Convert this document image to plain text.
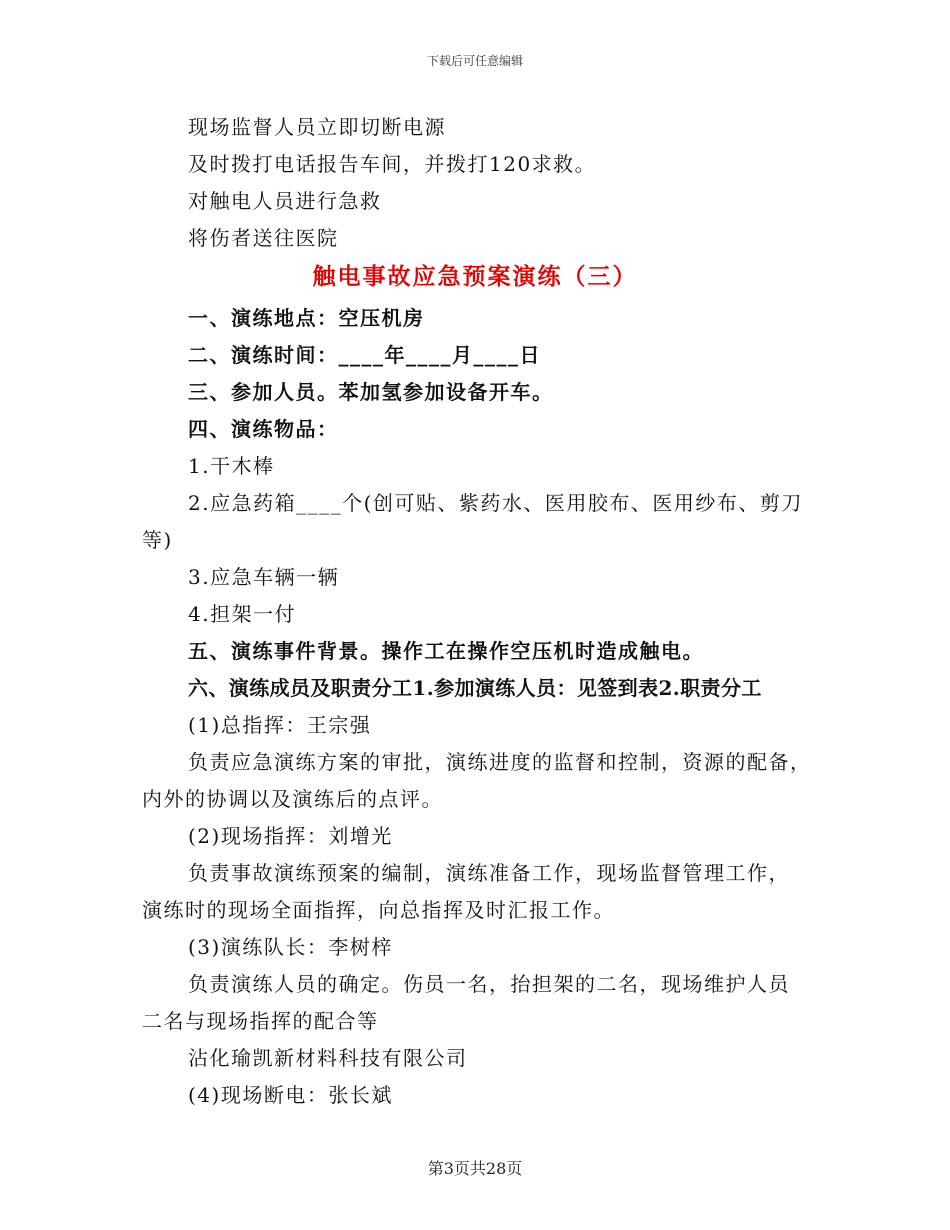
下载后可任意编辑
现场监督人员立即切断电源
及时拨打电话报告车间，并拨打120求救。
对触电人员进行急救
将伤者送往医院
触电事故应急预案演练（三）
一、演练地点：空压机房
二、演练时间：____年____月____日
三、参加人员。苯加氢参加设备开车。
四、演练物品：
1.干木棒
2.应急药箱____个(创可贴、紫药水、医用胶布、医用纱布、剪刀
等)
3.应急车辆一辆
4.担架一付
五、演练事件背景。操作工在操作空压机时造成触电。
六、演练成员及职责分工1.参加演练人员：见签到表2.职责分工
(1)总指挥：王宗强
负责应急演练方案的审批，演练进度的监督和控制，资源的配备，
内外的协调以及演练后的点评。
(2)现场指挥：刘增光
负责事故演练预案的编制，演练准备工作，现场监督管理工作，
演练时的现场全面指挥，向总指挥及时汇报工作。
(3)演练队长：李树梓
负责演练人员的确定。伤员一名，抬担架的二名，现场维护人员
二名与现场指挥的配合等
沾化瑜凯新材料科技有限公司
(4)现场断电：张长斌
第3页共28页
